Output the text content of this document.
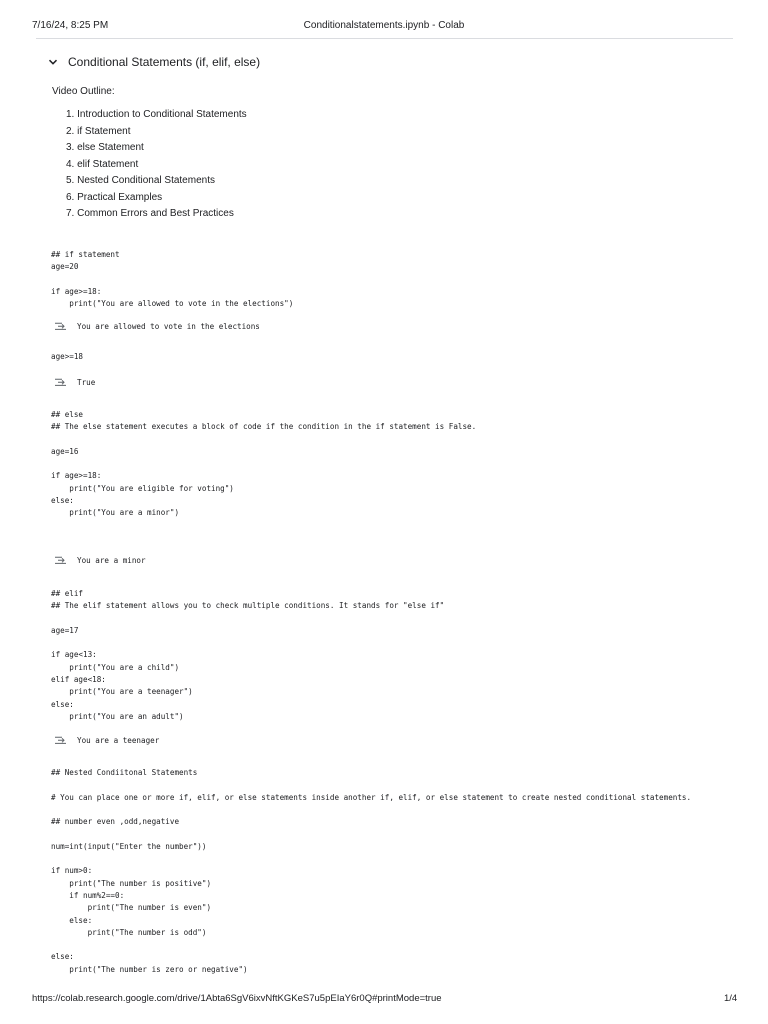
7/16/24, 8:25 PM	Conditionalstatements.ipynb - Colab
Conditional Statements (if, elif, else)
Video Outline:
1. Introduction to Conditional Statements
2. if Statement
3. else Statement
4. elif Statement
5. Nested Conditional Statements
6. Practical Examples
7. Common Errors and Best Practices
## if statement
age=20

if age>=18:
print("You are allowed to vote in the elections")
You are allowed to vote in the elections
age>=18
True
## else
## The else statement executes a block of code if the condition in the if statement is False.

age=16

if age>=18:
print("You are eligible for voting")
else:
print("You are a minor")
You are a minor
## elif
## The elif statement allows you to check multiple conditions. It stands for "else if"

age=17

if age<13:
print("You are a child")
elif age<18:
print("You are a teenager")
else:
print("You are an adult")
You are a teenager
## Nested Condiitonal Statements

# You can place one or more if, elif, or else statements inside another if, elif, or else statement to create nested conditional statements.

## number even ,odd,negative

num=int(input("Enter the number"))

if num>0:
print("The number is positive")
if num%2==0:
print("The number is even")
else:
print("The number is odd")

else:
print("The number is zero or negative")
https://colab.research.google.com/drive/1Abta6SgV6ixvNftKGKeS7u5pEIaY6r0Q#printMode=true	1/4
